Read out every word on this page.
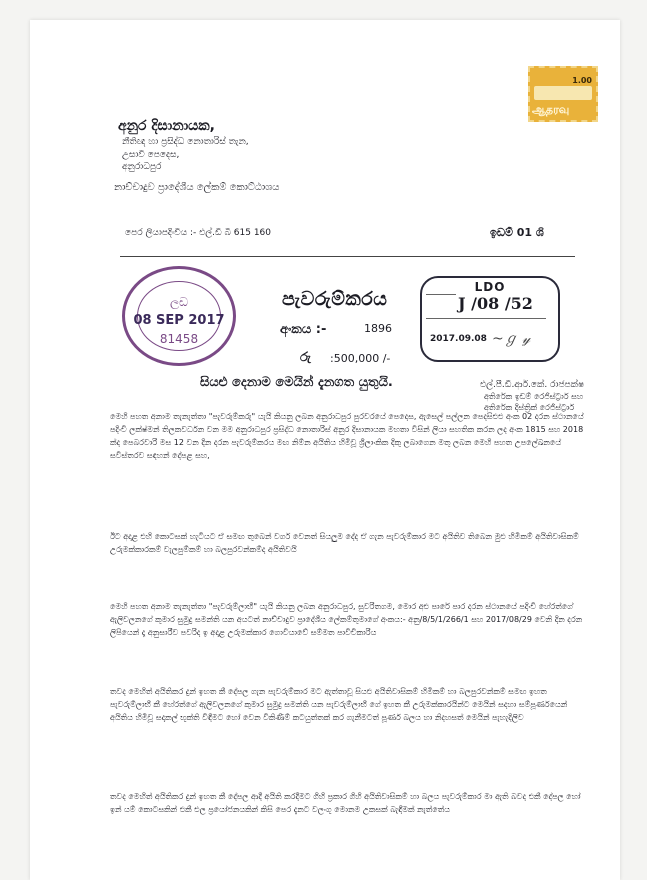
1.00
ஆதரவு
අනුර දිසානායක,
නීතිඥ හා ප්‍රසිද්ධ නොතාරිස් තැන,
උසාවි පෙදෙස,
අනුරාධපුර
නාච්චාදුව ප්‍රාදේශීය ලේකම් කොට්ඨාශය
පෙර ලියාපදිංචිය :- එල්.ඩී බී 615 160	ඉඩම් 01 ශි
ලඩ
08 SEP 2017
81458
පැවරුම්කරය
අංකය :-	1896
රු :500,000 /-
LDO
J /08 /52
2017.09.08 ~ℊ 𝓎
සියළු දෙනාම මෙයින් දැනගත යුතුයි.	එල්.පී.ඩී.ආර්.කේ. රාජපක්ෂ
අතිරේක ඉඩම් රෙජිස්ට්‍රාර් සහ
අතිරේක දිස්ත්‍රික් රෙජිස්ට්‍රාර්
මෙහි පහත අනාම තැනැත්තා "පැවරුම්කරු" යැයි කියනු ලබන අනුරාධපුර පුරවරයේ පෙදෙස, ඇසෙල් පල්ලන පෙදසිඑඑ අංක 02 දරන ස්ථානයේ පදිංචි ලක්ෂ්මන් තිලකවර්ධන වන මම අනුරාධපුර ප්‍රසිද්ධ නොතාරිස් අනුර දිසානායක මහතා විසින් ලියා සහතික කරන ලද අංක 1815 සහ 2018 ක්‍ද පෙබරවාරි මස 12 වන දින දරන පැවරුම්කරය මඟ නිම්න අයිතිය හිමිවූ ශ්‍රීලාංකික දිකු ලබාගෙන මතු ලබන මෙහි පහත උපලේඛනයේ සවිස්තරව සඳහන් දේපළ සහ,
ඊට අදාළ එහි කොටසක් හැටියට ඒ සමඟ තුබෙන් වර්ග වෙනත් සියලුම දේද ඒ ගැන පැවරුම්කාර මට අයිතිව තිබෙන මුළු හිමිකම් අයිතිවාසිකම් උරුමක්කාරකම් වැලපුම්කම් හා බලපුරවන්කම්ද අයිතිවයි
මෙහි පහත අනාම තැනැත්තා "පැවරුම්ලාභී" යැයි කියනු ලබන අනුරාධපුර, සුවරිතගම, මොර අළු පාරේ පාර දරන ස්ථානයේ පදිංචි හේරත්ගේ ඇලිවලනගේ කුමාර සුමුදු සමන්ති යන අයටත් නාච්චාදුව ප්‍රාදේශීය ලේකම්තුමාගේ අංකය:- අනු/8/5/1/266/1 සහ 2017/08/29 වෙනි දින දරන ලිපියෙන් දෑ අනුසාරීව පවරිද ඉ අදාළ උරුමක්කාර ගොවියාවේ සම්මත පාවිචිකාරිය
තවද මෙහිත් අයිතිකර දුන් ඉහත කී දේපල ගැන පැවරුම්කාර මට ඇත්තාවූ සියළු අයිතිවාසිකම් හිමිකම් හා බලපුරවන්කම් සමඟ ඉහත පැවරුම්ලාභී කී හේරත්ගේ ඇලිවලනගේ කුමාර සුමුදු සමන්ති යන පැවරුම්ලාභී ගේ ඉහත කී උරුමක්කාරයින්ට මෙයින් සදහා සම්පූර්ණයෙන් අයිතිය හිමිවූ සදාකල් භුක්ති විඳීමට හෝ වෙන විකිණීම් කටයුත්තක් කර ගැනීමටත් පූර්ණ බලය හා නිදහසත් මෙයින් පැහැදිලිව
තවද මෙහිත් අයිතිකර දුන් ඉහත කී දේපල ආදී අයිති කරදීමට ගිහි ප්‍රකාර ගිහි අයිතිවාසිකම් හා බලය පැවරුම්කාර මා ඇති බවද එකී දේපල හෝ ඉන් යම් කොටසකින් එකී එල ප්‍රයෝජනයකින් කිසි පෙර දැනට වලංගු මොනම උකසක් බැඳීමක් නැත්තේය
